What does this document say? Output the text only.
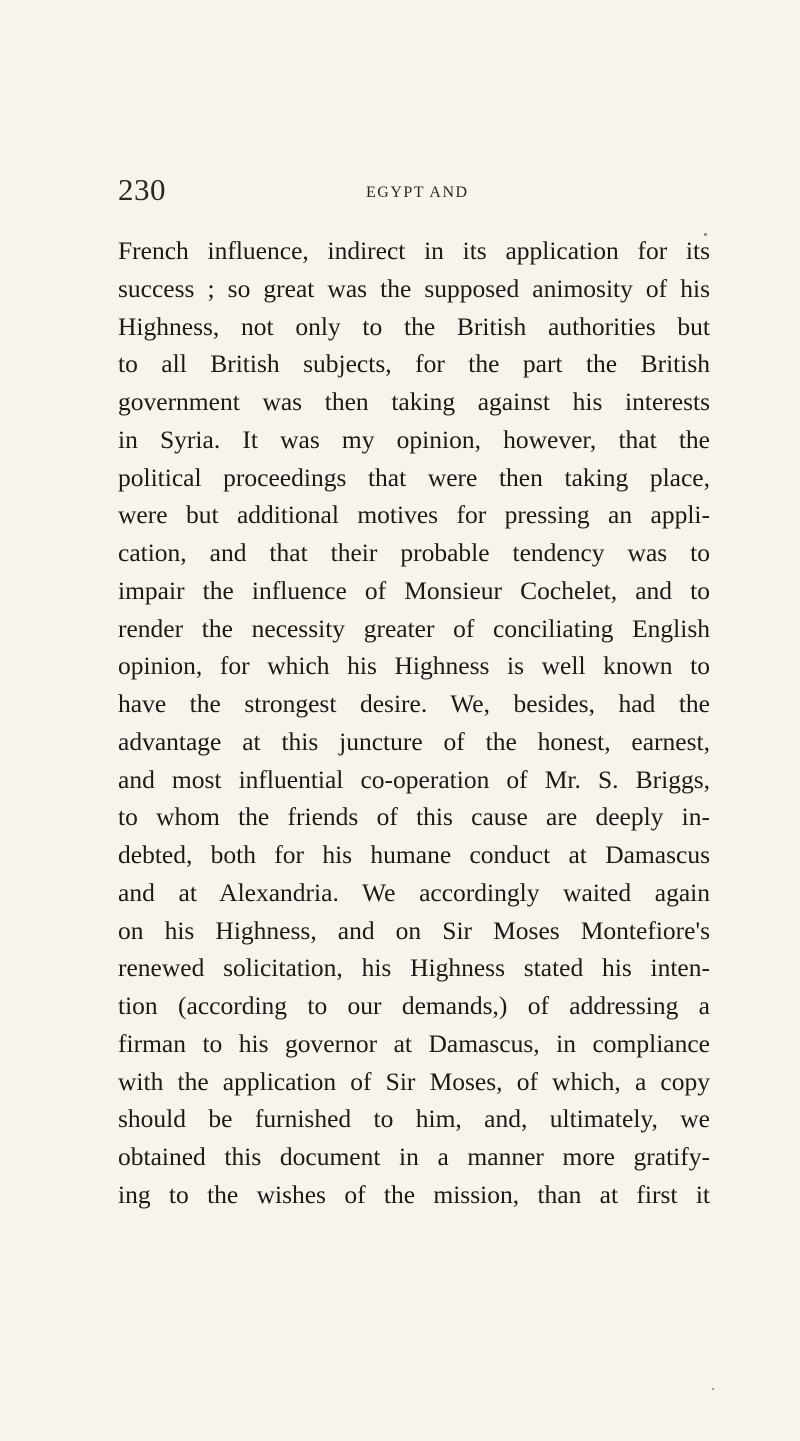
230	EGYPT AND
French influence, indirect in its application for its
success ; so great was the supposed animosity of his
Highness, not only to the British authorities but
to all British subjects, for the part the British
government was then taking against his interests
in Syria. It was my opinion, however, that the
political proceedings that were then taking place,
were but additional motives for pressing an appli-
cation, and that their probable tendency was to
impair the influence of Monsieur Cochelet, and to
render the necessity greater of conciliating English
opinion, for which his Highness is well known to
have the strongest desire. We, besides, had the
advantage at this juncture of the honest, earnest,
and most influential co-operation of Mr. S. Briggs,
to whom the friends of this cause are deeply in-
debted, both for his humane conduct at Damascus
and at Alexandria. We accordingly waited again
on his Highness, and on Sir Moses Montefiore's
renewed solicitation, his Highness stated his inten-
tion (according to our demands,) of addressing a
firman to his governor at Damascus, in compliance
with the application of Sir Moses, of which, a copy
should be furnished to him, and, ultimately, we
obtained this document in a manner more gratify-
ing to the wishes of the mission, than at first it
